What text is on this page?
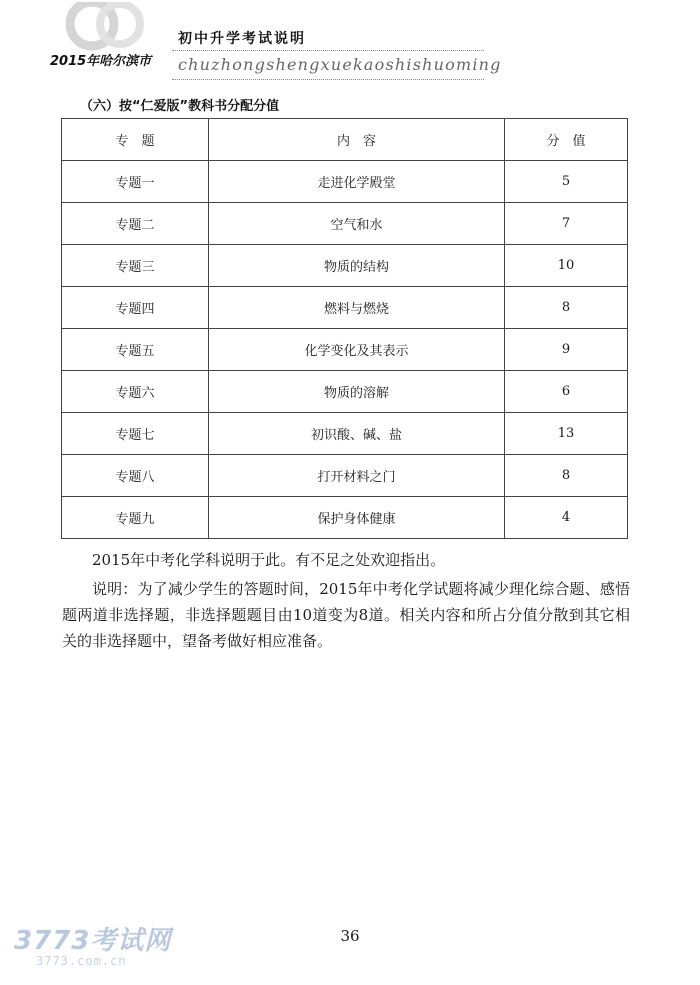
2015年哈尔滨市
初中升学考试说明
chuzhongshengxuekaoshishuoming
（六）按“仁爱版”教科书分配分值
专　题	内　容	分　值
专题一	走进化学殿堂	5
专题二	空气和水	7
专题三	物质的结构	10
专题四	燃料与燃烧	8
专题五	化学变化及其表示	9
专题六	物质的溶解	6
专题七	初识酸、碱、盐	13
专题八	打开材料之门	8
专题九	保护身体健康	4

2015年中考化学科说明于此。有不足之处欢迎指出。

说明：为了减少学生的答题时间，2015年中考化学试题将减少理化综合题、感悟题两道非选择题，非选择题题目由10道变为8道。相关内容和所占分值分散到其它相关的非选择题中，望备考做好相应准备。

36
3773考试网
3773.com.cn
